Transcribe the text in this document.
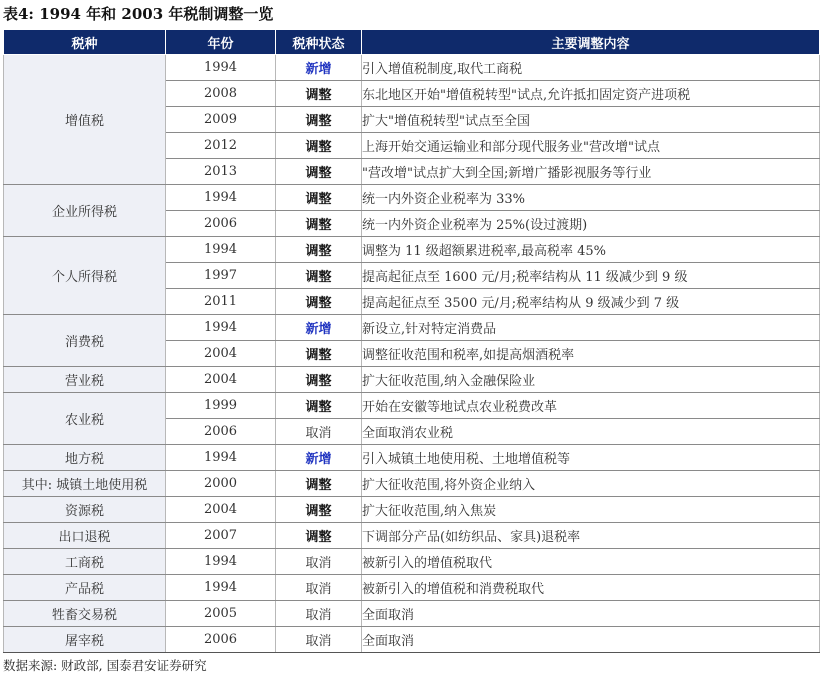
表4: 1994 年和 2003 年税制调整一览
税种	年份	税种状态	主要调整内容
增值税	1994	新增	引入增值税制度,取代工商税
	2008	调整	东北地区开始"增值税转型"试点,允许抵扣固定资产进项税
	2009	调整	扩大"增值税转型"试点至全国
	2012	调整	上海开始交通运输业和部分现代服务业"营改增"试点
	2013	调整	"营改增"试点扩大到全国;新增广播影视服务等行业
企业所得税	1994	调整	统一内外资企业税率为 33%
	2006	调整	统一内外资企业税率为 25%(设过渡期)
个人所得税	1994	调整	调整为 11 级超额累进税率,最高税率 45%
	1997	调整	提高起征点至 1600 元/月;税率结构从 11 级减少到 9 级
	2011	调整	提高起征点至 3500 元/月;税率结构从 9 级减少到 7 级
消费税	1994	新增	新设立,针对特定消费品
	2004	调整	调整征收范围和税率,如提高烟酒税率
营业税	2004	调整	扩大征收范围,纳入金融保险业
农业税	1999	调整	开始在安徽等地试点农业税费改革
	2006	取消	全面取消农业税
地方税	1994	新增	引入城镇土地使用税、土地增值税等
其中: 城镇土地使用税	2000	调整	扩大征收范围,将外资企业纳入
资源税	2004	调整	扩大征收范围,纳入焦炭
出口退税	2007	调整	下调部分产品(如纺织品、家具)退税率
工商税	1994	取消	被新引入的增值税取代
产品税	1994	取消	被新引入的增值税和消费税取代
牲畜交易税	2005	取消	全面取消
屠宰税	2006	取消	全面取消
数据来源: 财政部, 国泰君安证券研究
